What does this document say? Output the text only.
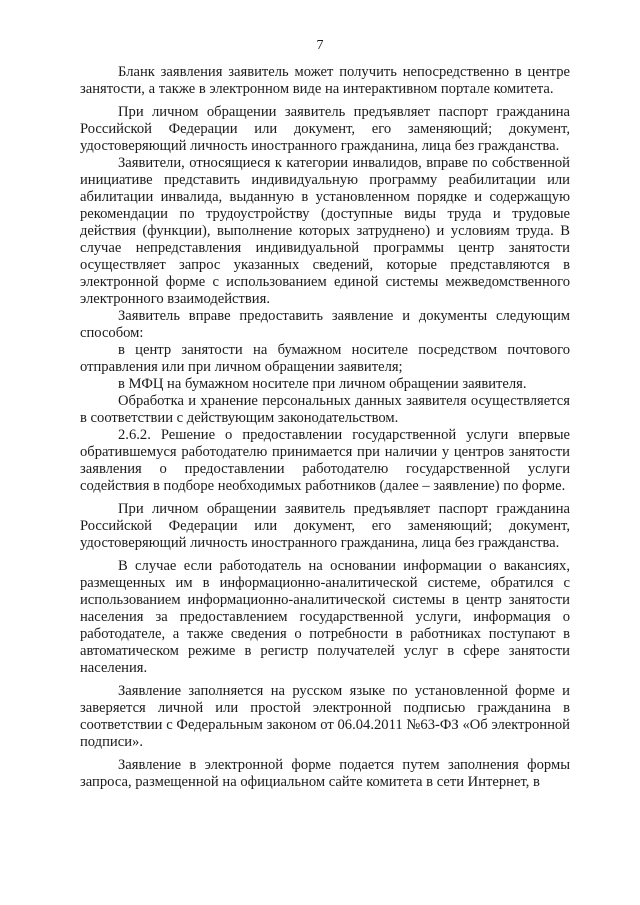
7

Бланк заявления заявитель может получить непосредственно в центре занятости, а также в электронном виде на интерактивном портале комитета.

При личном обращении заявитель предъявляет паспорт гражданина Российской Федерации или документ, его заменяющий; документ, удостоверяющий личность иностранного гражданина, лица без гражданства.

Заявители, относящиеся к категории инвалидов, вправе по собственной инициативе представить индивидуальную программу реабилитации или абилитации инвалида, выданную в установленном порядке и содержащую рекомендации по трудоустройству (доступные виды труда и трудовые действия (функции), выполнение которых затруднено) и условиям труда. В случае непредставления индивидуальной программы центр занятости осуществляет запрос указанных сведений, которые представляются в электронной форме с использованием единой системы межведомственного электронного взаимодействия.

Заявитель вправе предоставить заявление и документы следующим способом:

в центр занятости на бумажном носителе посредством почтового отправления или при личном обращении заявителя;

в МФЦ на бумажном носителе при личном обращении заявителя.

Обработка и хранение персональных данных заявителя осуществляется в соответствии с действующим законодательством.

2.6.2. Решение о предоставлении государственной услуги впервые обратившемуся работодателю принимается при наличии у центров занятости заявления о предоставлении работодателю государственной услуги содействия в подборе необходимых работников (далее – заявление) по форме.

При личном обращении заявитель предъявляет паспорт гражданина Российской Федерации или документ, его заменяющий; документ, удостоверяющий личность иностранного гражданина, лица без гражданства.

В случае если работодатель на основании информации о вакансиях, размещенных им в информационно-аналитической системе, обратился с использованием информационно-аналитической системы в центр занятости населения за предоставлением государственной услуги, информация о работодателе, а также сведения о потребности в работниках поступают в автоматическом режиме в регистр получателей услуг в сфере занятости населения.

Заявление заполняется на русском языке по установленной форме и заверяется личной или простой электронной подписью гражданина в соответствии с Федеральным законом от 06.04.2011 №63-ФЗ «Об электронной подписи».

Заявление в электронной форме подается путем заполнения формы запроса, размещенной на официальном сайте комитета в сети Интернет, в
